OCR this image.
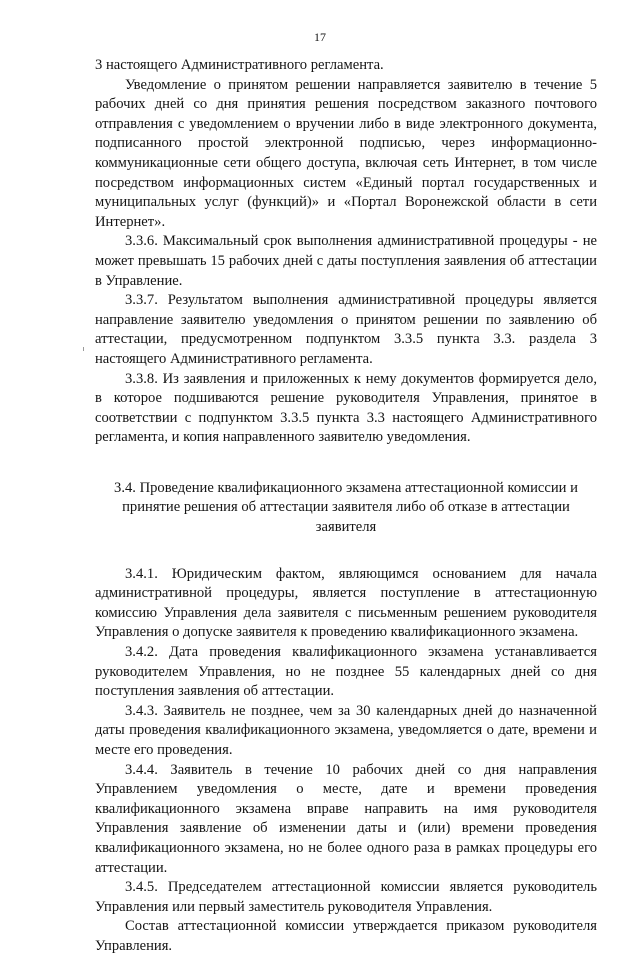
17

3 настоящего Административного регламента.

Уведомление о принятом решении направляется заявителю в течение 5 рабочих дней со дня принятия решения посредством заказного почтового отправления с уведомлением о вручении либо в виде электронного документа, подписанного простой электронной подписью, через информационно-коммуникационные сети общего доступа, включая сеть Интернет, в том числе посредством информационных систем «Единый портал государственных и муниципальных услуг (функций)» и «Портал Воронежской области в сети Интернет».

3.3.6. Максимальный срок выполнения административной процедуры - не может превышать 15 рабочих дней с даты поступления заявления об аттестации в Управление.

3.3.7. Результатом выполнения административной процедуры является направление заявителю уведомления о принятом решении по заявлению об аттестации, предусмотренном подпунктом 3.3.5 пункта 3.3. раздела 3 настоящего Административного регламента.

3.3.8. Из заявления и приложенных к нему документов формируется дело, в которое подшиваются решение руководителя Управления, принятое в соответствии с подпунктом 3.3.5 пункта 3.3 настоящего Административного регламента, и копия направленного заявителю уведомления.

3.4. Проведение квалификационного экзамена аттестационной комиссии и принятие решения об аттестации заявителя либо об отказе в аттестации заявителя

3.4.1. Юридическим фактом, являющимся основанием для начала административной процедуры, является поступление в аттестационную комиссию Управления дела заявителя с письменным решением руководителя Управления о допуске заявителя к проведению квалификационного экзамена.

3.4.2. Дата проведения квалификационного экзамена устанавливается руководителем Управления, но не позднее 55 календарных дней со дня поступления заявления об аттестации.

3.4.3. Заявитель не позднее, чем за 30 календарных дней до назначенной даты проведения квалификационного экзамена, уведомляется о дате, времени и месте его проведения.

3.4.4. Заявитель в течение 10 рабочих дней со дня направления Управлением уведомления о месте, дате и времени проведения квалификационного экзамена вправе направить на имя руководителя Управления заявление об изменении даты и (или) времени проведения квалификационного экзамена, но не более одного раза в рамках процедуры его аттестации.

3.4.5. Председателем аттестационной комиссии является руководитель Управления или первый заместитель руководителя Управления.

Состав аттестационной комиссии утверждается приказом руководителя Управления.
